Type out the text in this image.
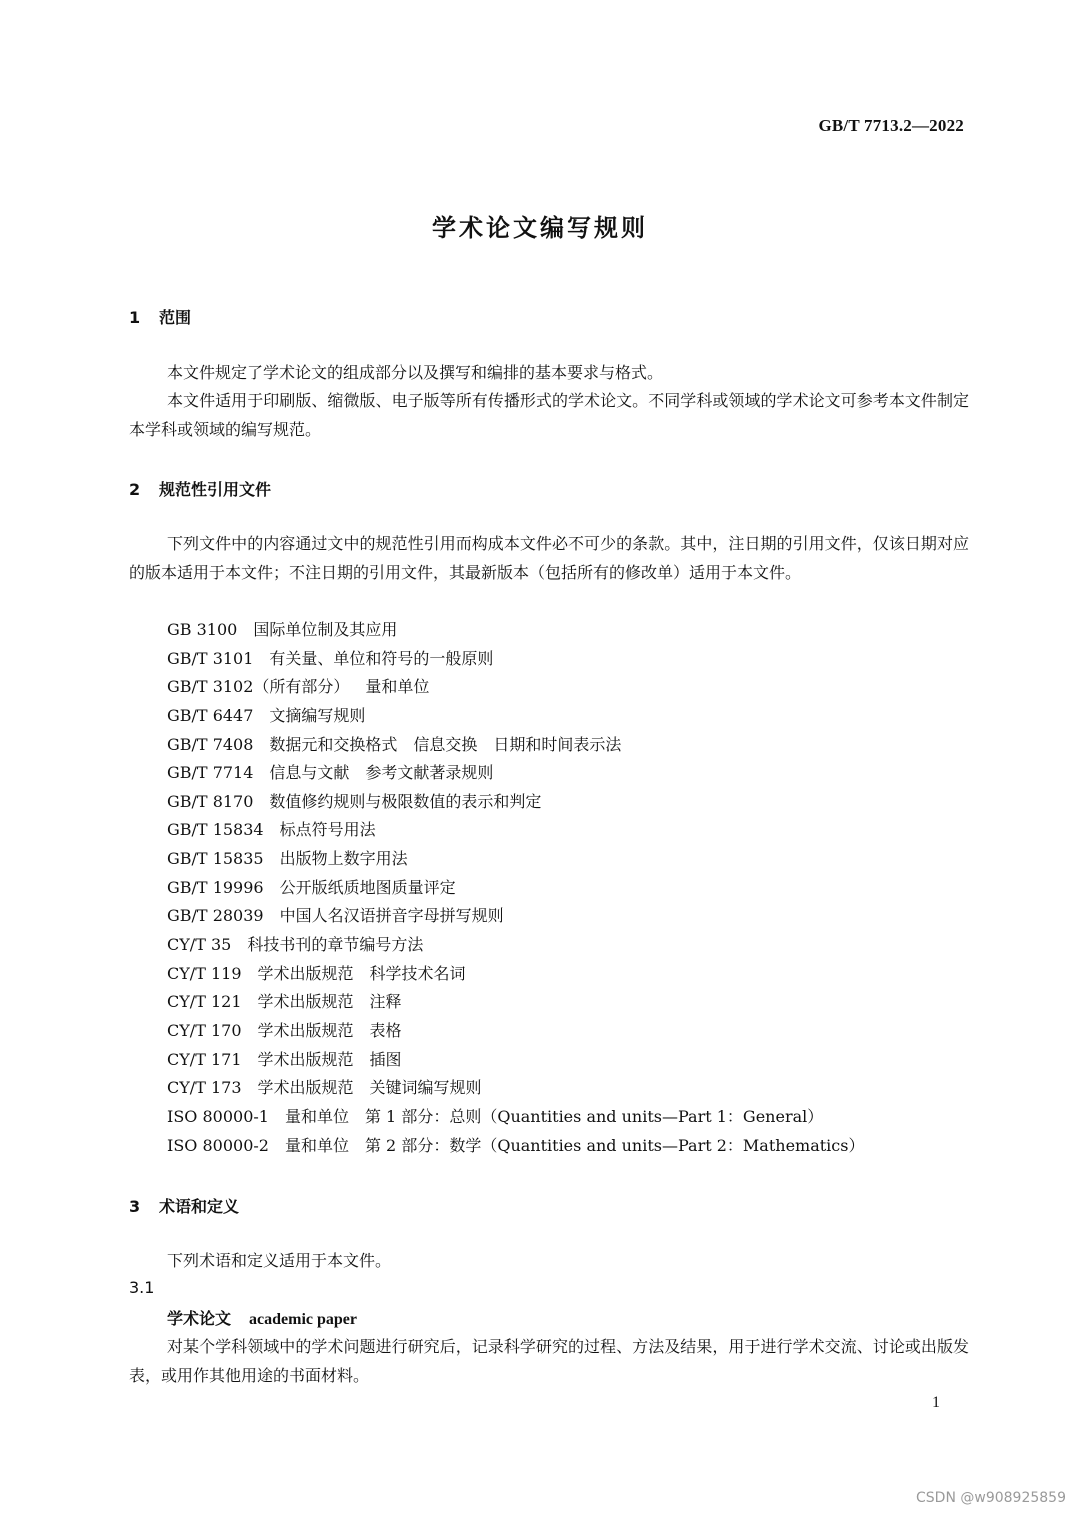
GB/T 7713.2—2022
学术论文编写规则
1 范围

本文件规定了学术论文的组成部分以及撰写和编排的基本要求与格式。

本文件适用于印刷版、缩微版、电子版等所有传播形式的学术论文。不同学科或领域的学术论文可参考本文件制定本学科或领域的编写规范。

2 规范性引用文件

下列文件中的内容通过文中的规范性引用而构成本文件必不可少的条款。其中，注日期的引用文件，仅该日期对应的版本适用于本文件；不注日期的引用文件，其最新版本（包括所有的修改单）适用于本文件。

GB 3100 国际单位制及其应用
GB/T 3101 有关量、单位和符号的一般原则
GB/T 3102（所有部分） 量和单位
GB/T 6447 文摘编写规则
GB/T 7408 数据元和交换格式　信息交换　日期和时间表示法
GB/T 7714 信息与文献　参考文献著录规则
GB/T 8170 数值修约规则与极限数值的表示和判定
GB/T 15834 标点符号用法
GB/T 15835 出版物上数字用法
GB/T 19996 公开版纸质地图质量评定
GB/T 28039 中国人名汉语拼音字母拼写规则
CY/T 35 科技书刊的章节编号方法
CY/T 119 学术出版规范　科学技术名词
CY/T 121 学术出版规范　注释
CY/T 170 学术出版规范　表格
CY/T 171 学术出版规范　插图
CY/T 173 学术出版规范　关键词编写规则
ISO 80000-1 量和单位　第 1 部分：总则（Quantities and units—Part 1：General）
ISO 80000-2 量和单位　第 2 部分：数学（Quantities and units—Part 2：Mathematics）
3 术语和定义

下列术语和定义适用于本文件。

3.1
学术论文 academic paper

对某个学科领域中的学术问题进行研究后，记录科学研究的过程、方法及结果，用于进行学术交流、讨论或出版发表，或用作其他用途的书面材料。

1
CSDN @w908925859
